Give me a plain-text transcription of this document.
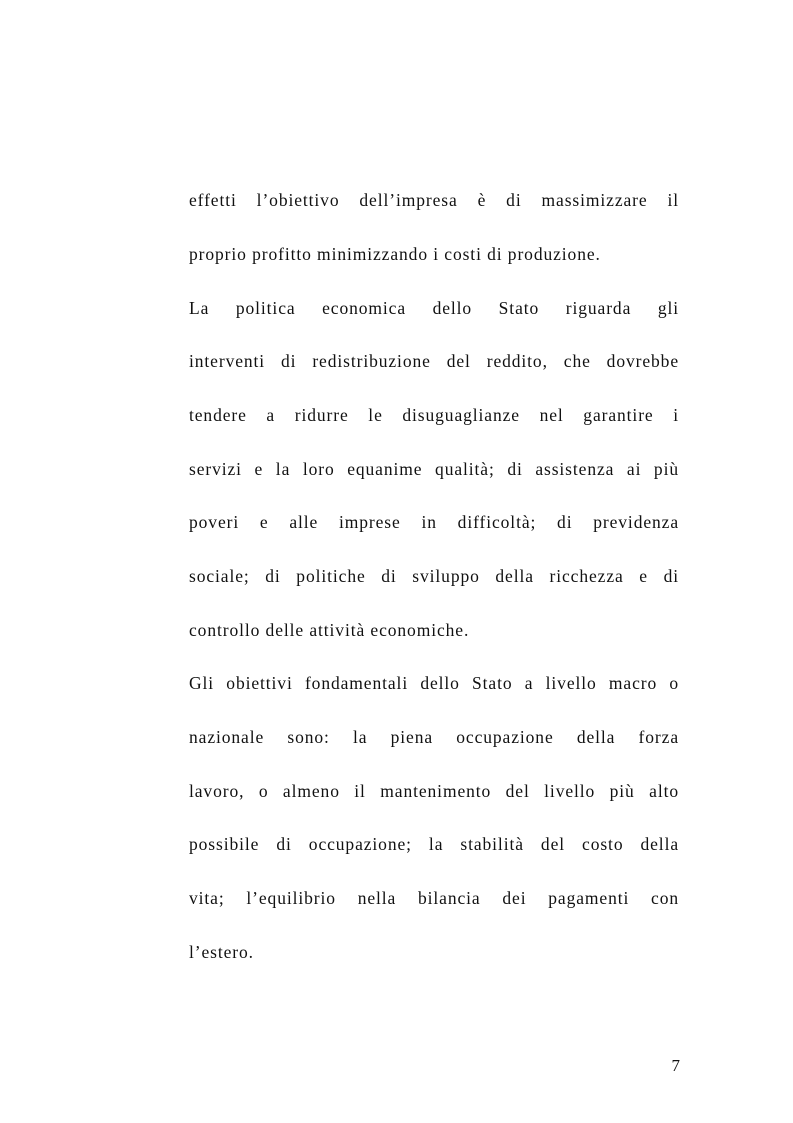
effetti l’obiettivo dell’impresa è di massimizzare il
proprio profitto minimizzando i costi di produzione.
La politica economica dello Stato riguarda gli
interventi di redistribuzione del reddito, che dovrebbe
tendere a ridurre le disuguaglianze nel garantire i
servizi e la loro equanime qualità; di assistenza ai più
poveri e alle imprese in difficoltà; di previdenza
sociale; di politiche di sviluppo della ricchezza e di
controllo delle attività economiche.
Gli obiettivi fondamentali dello Stato a livello macro o
nazionale sono: la piena occupazione della forza
lavoro, o almeno il mantenimento del livello più alto
possibile di occupazione; la stabilità del costo della
vita; l’equilibrio nella bilancia dei pagamenti con
l’estero.
7
